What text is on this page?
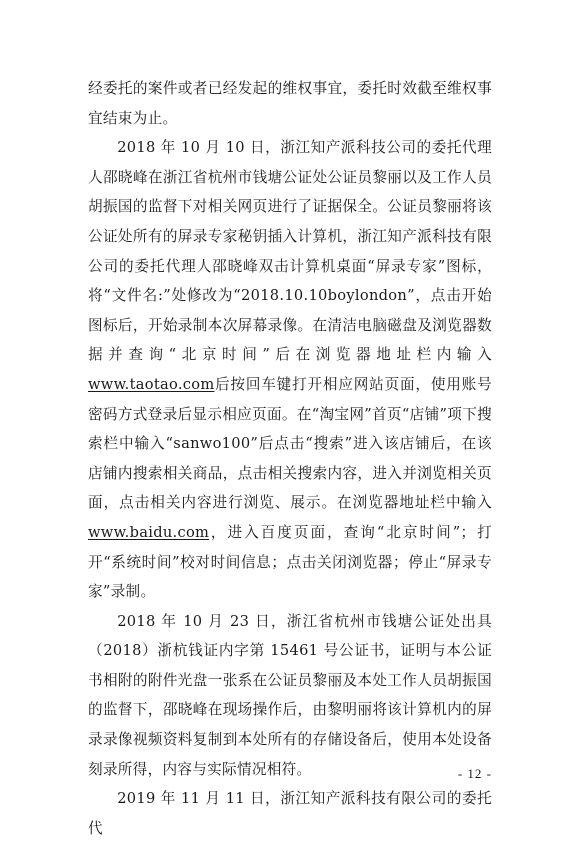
经委托的案件或者已经发起的维权事宜，委托时效截至维权事宜结束为止。

2018 年 10 月 10 日，浙江知产派科技公司的委托代理人邵晓峰在浙江省杭州市钱塘公证处公证员黎丽以及工作人员胡振国的监督下对相关网页进行了证据保全。公证员黎丽将该公证处所有的屏录专家秘钥插入计算机，浙江知产派科技有限公司的委托代理人邵晓峰双击计算机桌面“屏录专家”图标，将“文件名:”处修改为“2018.10.10boylondon”，点击开始图标后，开始录制本次屏幕录像。在清洁电脑磁盘及浏览器数据并查询“北京时间”后在浏览器地址栏内输入www.taotao.com后按回车键打开相应网站页面，使用账号密码方式登录后显示相应页面。在“淘宝网”首页“店铺”项下搜索栏中输入“sanwo100”后点击“搜索”进入该店铺后，在该店铺内搜索相关商品，点击相关搜索内容，进入并浏览相关页面，点击相关内容进行浏览、展示。在浏览器地址栏中输入www.baidu.com，进入百度页面，查询“北京时间”；打开“系统时间”校对时间信息；点击关闭浏览器；停止“屏录专家”录制。

2018 年 10 月 23 日，浙江省杭州市钱塘公证处出具（2018）浙杭钱证内字第 15461 号公证书，证明与本公证书相附的附件光盘一张系在公证员黎丽及本处工作人员胡振国的监督下，邵晓峰在现场操作后，由黎明丽将该计算机内的屏录录像视频资料复制到本处所有的存储设备后，使用本处设备刻录所得，内容与实际情况相符。

2019 年 11 月 11 日，浙江知产派科技有限公司的委托代

- 12 -
